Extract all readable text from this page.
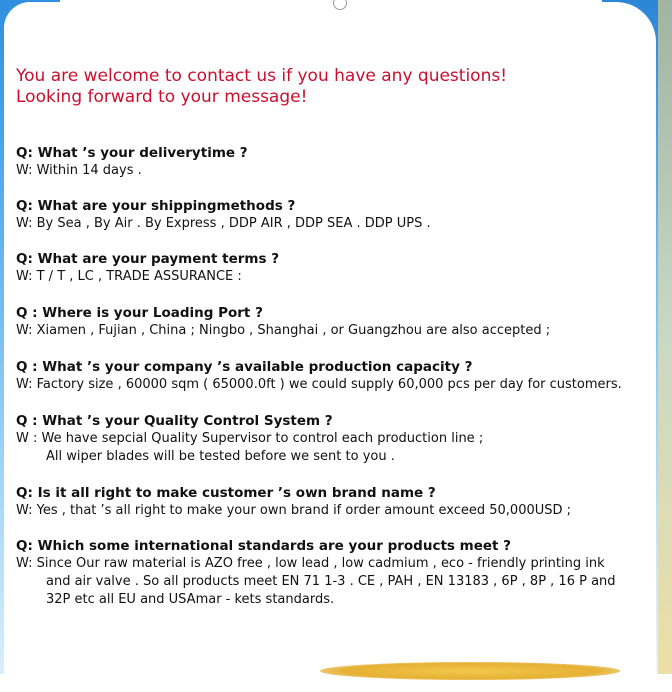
You are welcome to contact us if you have any questions!
Looking forward to your message!
Q: What ’s your deliverytime ?
W: Within 14 days .
Q: What are your shippingmethods ?
W: By Sea , By Air . By Express , DDP AIR , DDP SEA . DDP UPS .
Q: What are your payment terms ?
W: T / T , LC , TRADE ASSURANCE :
Q : Where is your Loading Port ?
W: Xiamen , Fujian , China ; Ningbo , Shanghai , or Guangzhou are also accepted ;
Q : What ’s your company ’s available production capacity ?
W: Factory size , 60000 sqm ( 65000.0ft ) we could supply 60,000 pcs per day for customers.
Q : What ’s your Quality Control System ?
W : We have sepcial Quality Supervisor to control each production line ;
All wiper blades will be tested before we sent to you .
Q: Is it all right to make customer ’s own brand name ?
W: Yes , that ’s all right to make your own brand if order amount exceed 50,000USD ;
Q: Which some international standards are your products meet ?
W: Since Our raw material is AZO free , low lead , low cadmium , eco - friendly printing ink
and air valve . So all products meet EN 71 1-3 . CE , PAH , EN 13183 , 6P , 8P , 16 P and
32P etc all EU and USAmar - kets standards.
